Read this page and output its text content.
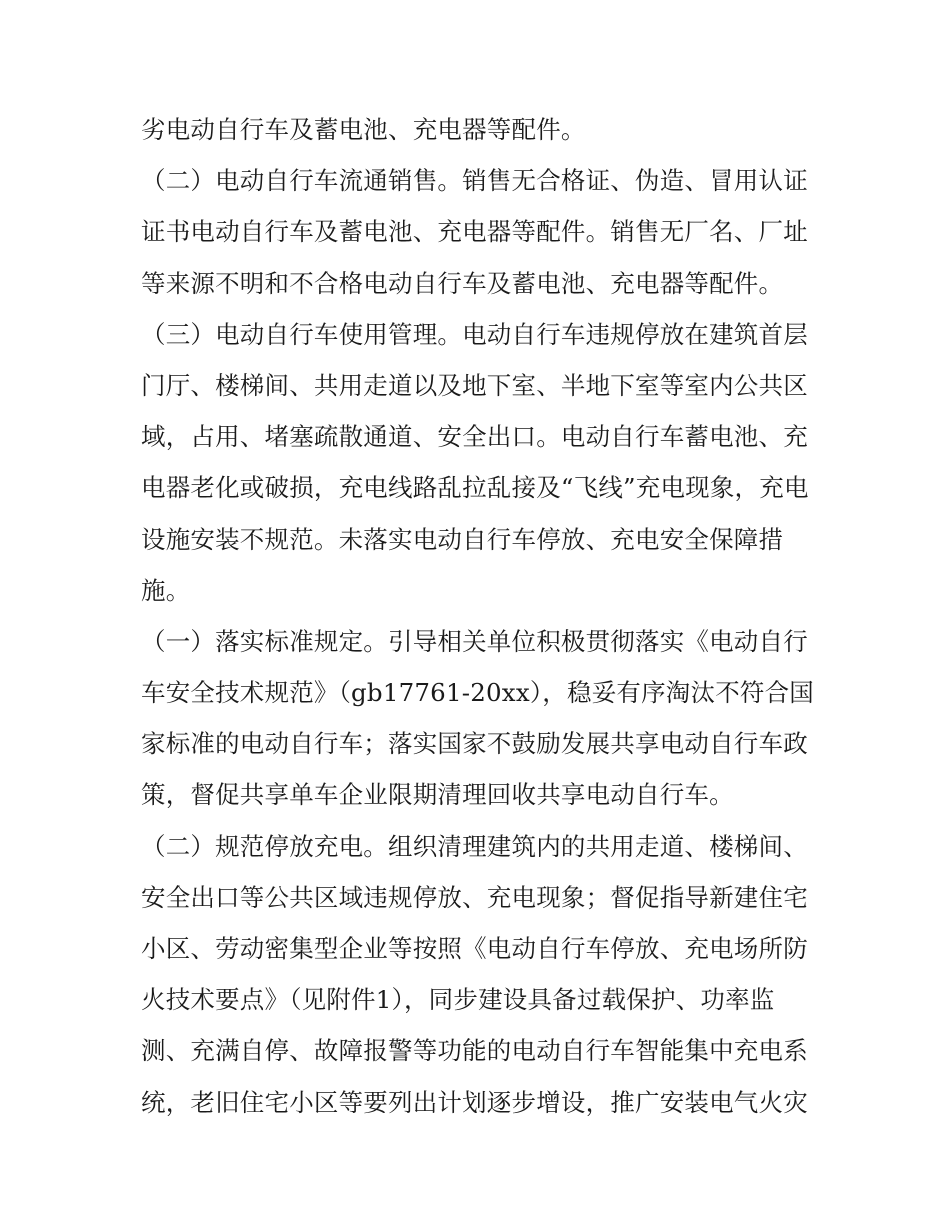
劣电动自行车及蓄电池、充电器等配件。
（二）电动自行车流通销售。销售无合格证、伪造、冒用认证
证书电动自行车及蓄电池、充电器等配件。销售无厂名、厂址
等来源不明和不合格电动自行车及蓄电池、充电器等配件。
（三）电动自行车使用管理。电动自行车违规停放在建筑首层
门厅、楼梯间、共用走道以及地下室、半地下室等室内公共区
域，占用、堵塞疏散通道、安全出口。电动自行车蓄电池、充
电器老化或破损，充电线路乱拉乱接及“飞线”充电现象，充电
设施安装不规范。未落实电动自行车停放、充电安全保障措
施。
（一）落实标准规定。引导相关单位积极贯彻落实《电动自行
车安全技术规范》（gb17761-20xx），稳妥有序淘汰不符合国
家标准的电动自行车；落实国家不鼓励发展共享电动自行车政
策，督促共享单车企业限期清理回收共享电动自行车。
（二）规范停放充电。组织清理建筑内的共用走道、楼梯间、
安全出口等公共区域违规停放、充电现象；督促指导新建住宅
小区、劳动密集型企业等按照《电动自行车停放、充电场所防
火技术要点》（见附件1），同步建设具备过载保护、功率监
测、充满自停、故障报警等功能的电动自行车智能集中充电系
统，老旧住宅小区等要列出计划逐步增设，推广安装电气火灾
